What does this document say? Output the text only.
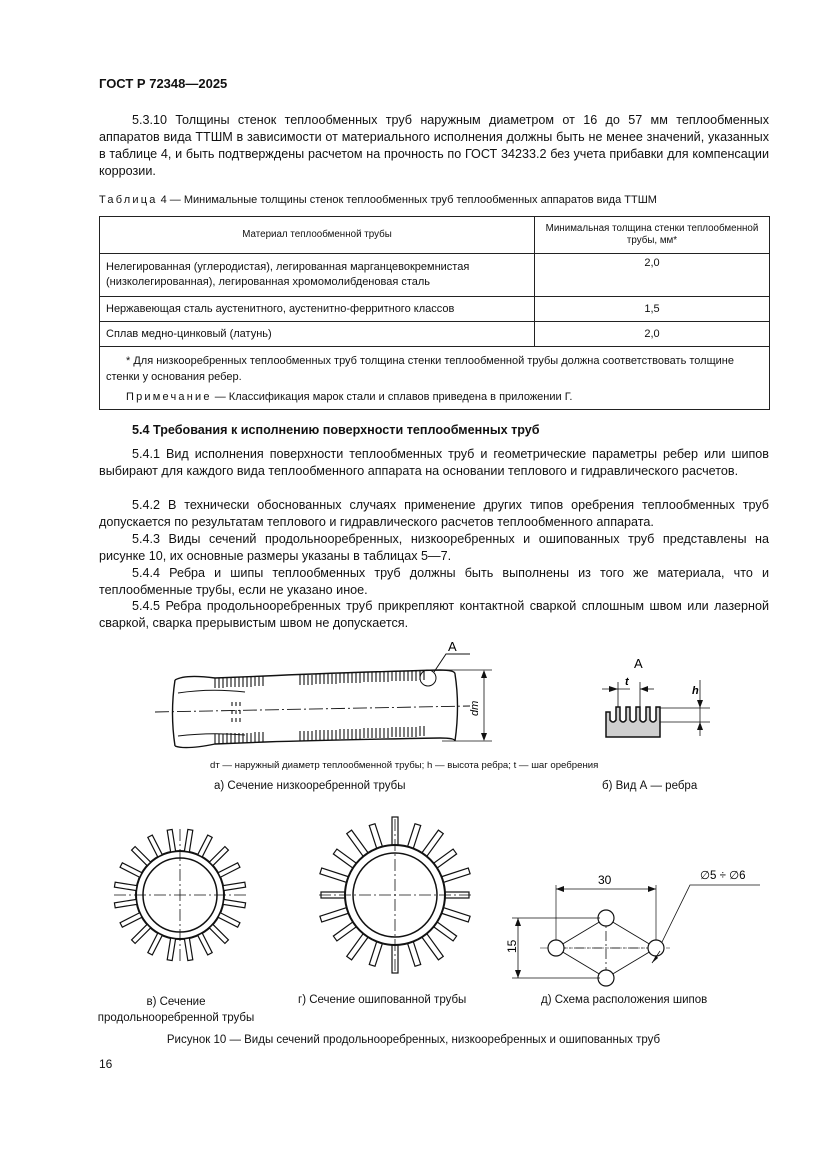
ГОСТ Р 72348—2025

5.3.10 Толщины стенок теплообменных труб наружным диаметром от 16 до 57 мм теплообменных аппаратов вида ТТШМ в зависимости от материального исполнения должны быть не менее значений, указанных в таблице 4, и быть подтверждены расчетом на прочность по ГОСТ 34233.2 без учета прибавки для компенсации коррозии.

Таблица 4 — Минимальные толщины стенок теплообменных труб теплообменных аппаратов вида ТТШМ
Материал теплообменной трубы	Минимальная толщина стенки теплообменной трубы, мм*
Нелегированная (углеродистая), легированная марганцевокремнистая (низколегированная), легированная хромомолибденовая сталь	2,0
Нержавеющая сталь аустенитного, аустенитно-ферритного классов	1,5
Сплав медно-цинковый (латунь)	2,0

* Для низкооребренных теплообменных труб толщина стенки теплообменной трубы должна соответствовать толщине стенки у основания ребер.

Примечание — Классификация марок стали и сплавов приведена в приложении Г.	

5.4 Требования к исполнению поверхности теплообменных труб

5.4.1 Вид исполнения поверхности теплообменных труб и геометрические параметры ребер или шипов выбирают для каждого вида теплообменного аппарата на основании теплового и гидравлического расчетов.

5.4.2 В технически обоснованных случаях применение других типов оребрения теплообменных труб допускается по результатам теплового и гидравлического расчетов теплообменного аппарата.

5.4.3 Виды сечений продольнооребренных, низкооребренных и ошипованных труб представлены на рисунке 10, их основные размеры указаны в таблицах 5—7.

5.4.4 Ребра и шипы теплообменных труб должны быть выполнены из того же материала, что и теплообменные трубы, если не указано иное.

5.4.5 Ребра продольнооребренных труб прикрепляют контактной сваркой сплошным швом или лазерной сваркой, сварка прерывистым швом не допускается.

A
dт
A
t
h
dт — наружный диаметр теплообменной трубы; h — высота ребра; t — шаг оребрения
а) Сечение низкооребренной трубы	б) Вид А — ребра
30
15
∅5 ÷ ∅6
в) Сечение
продольнооребренной трубы
г) Сечение ошипованной трубы	д) Схема расположения шипов
Рисунок 10 — Виды сечений продольнооребренных, низкооребренных и ошипованных труб
16
